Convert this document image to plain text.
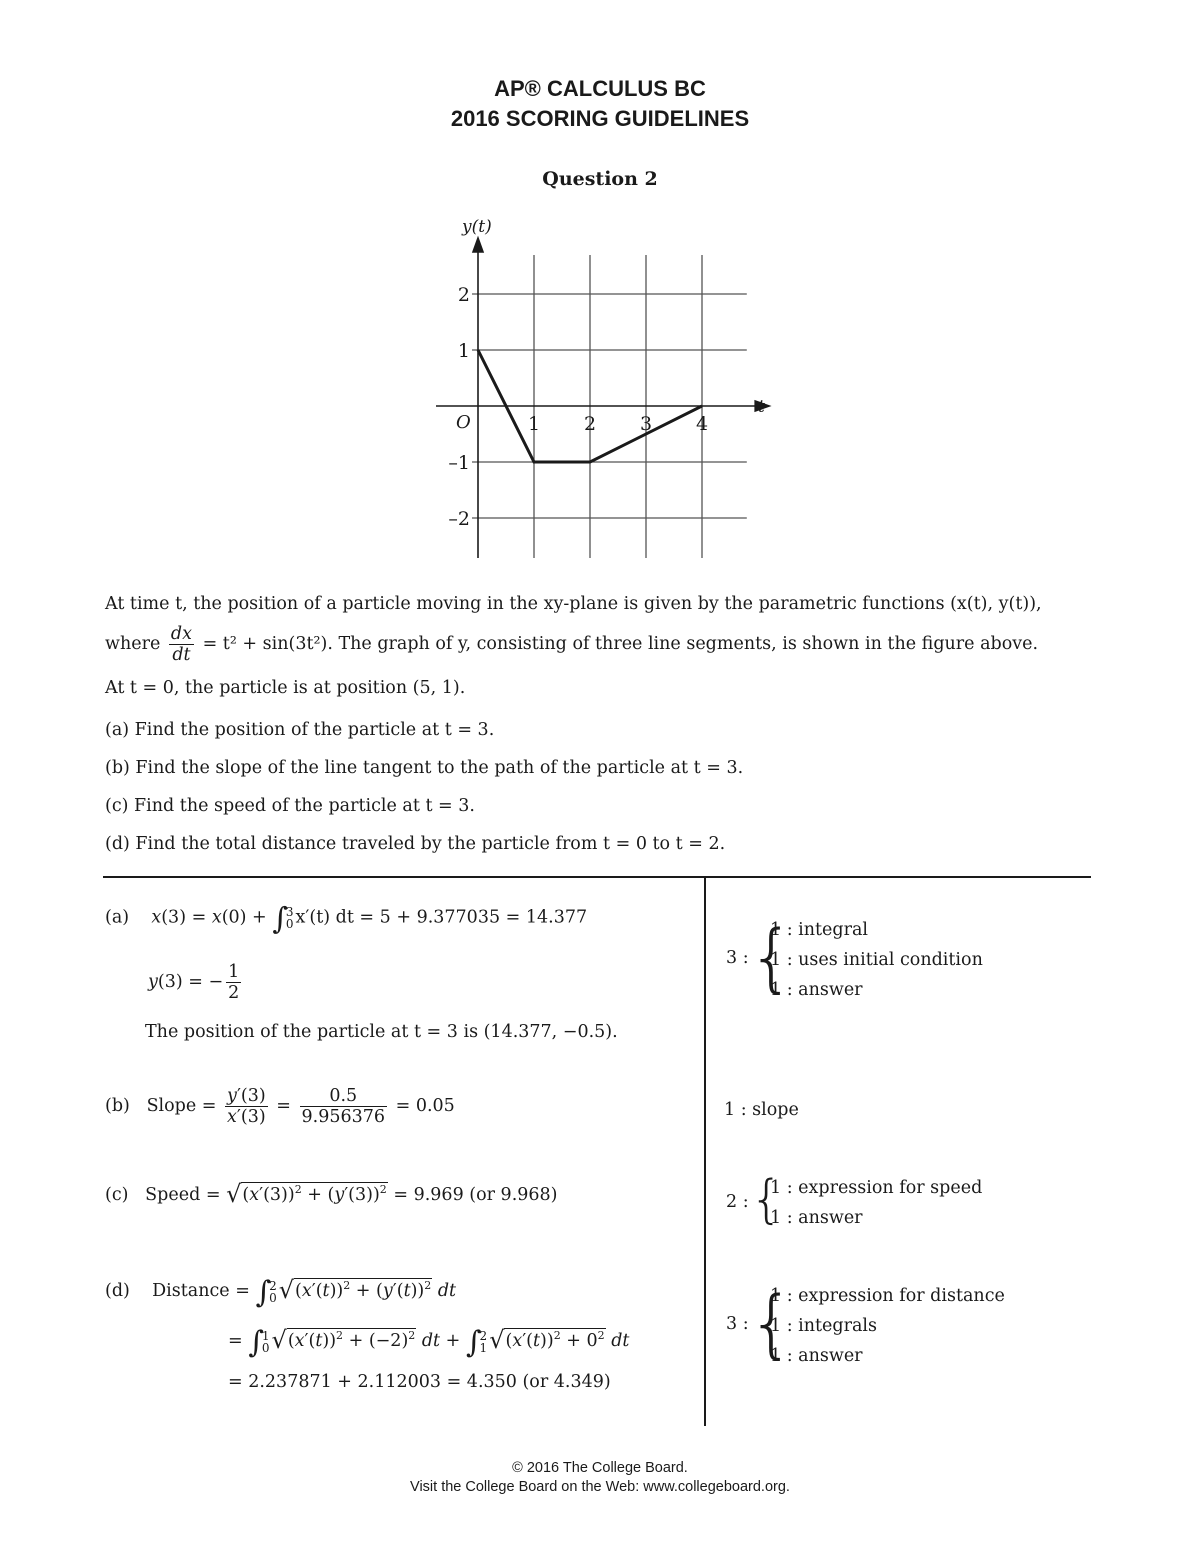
AP® CALCULUS BC
2016 SCORING GUIDELINES
Question 2
1 2 3 4
2
1
–1
–2
y(t)
t
O
At time t, the position of a particle moving in the xy-plane is given by the parametric functions (x(t), y(t)),
where $\frac{dx}{dt} = t^2 + \sin(3t^2)$. The graph of y, consisting of three line segments, is shown in the figure above.
At t = 0, the particle is at position (5, 1).
(a) Find the position of the particle at t = 3.
(b) Find the slope of the line tangent to the path of the particle at t = 3.
(c) Find the speed of the particle at t = 3.
(d) Find the total distance traveled by the particle from t = 0 to t = 2.
(a) x(3) = x(0) + ∫
3
0 x′(t) dt = 5 + 9.377035 = 14.377
y(3) = − $\frac{1}{2}$
The position of the particle at t = 3 is (14.377, −0.5).
(b) Slope = $\frac{y'(3)}{x'(3)} = \frac{0.5}{9.956376} = 0.05$
(c) Speed = $√(x'(3))^2 + (y'(3))^2 = 9.969$ (or 9.968)
(d) Distance = ∫
2
0 $√(x'(t))^2 + (y'(t))^2$ dt
= ∫
1
0 $√(x'(t))^2 + (-2)^2$ dt + ∫
2
1 $√(x'(t))^2 + 0^2$ dt
= 2.237871 + 2.112003 = 4.350 (or 4.349)
3 : {
1 : integral
1 : uses initial condition
1 : answer
1 : slope
2 : {
1 : expression for speed
1 : answer
3 : {
1 : expression for distance
1 : integrals
1 : answer
© 2016 The College Board.
Visit the College Board on the Web: www.collegeboard.org.
